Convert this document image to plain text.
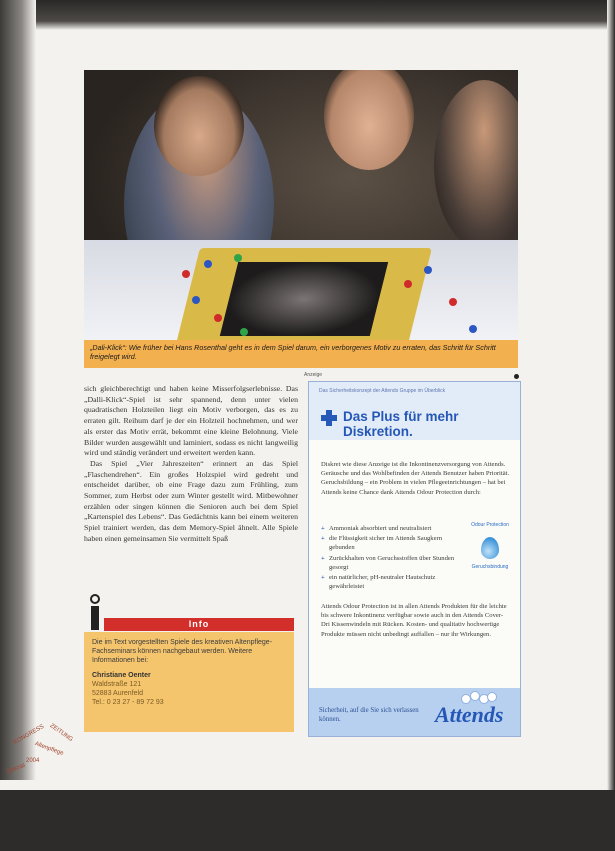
„Dali-Klick“: Wie früher bei Hans Rosenthal geht es in dem Spiel darum, ein verborgenes Motiv zu erraten, das Schritt für Schritt freigelegt wird.

sich gleichberechtigt und haben keine Misserfolgserlebnisse. Das „Dalli-Klick“-Spiel ist sehr spannend, denn unter vielen quadratischen Holzteilen liegt ein Motiv verborgen, das es zu erraten gilt. Reihum darf je der ein Holzteil hochnehmen, und wer als erster das Motiv errät, bekommt eine kleine Belohnung. Viele Bilder wurden ausgewählt und laminiert, sodass es nicht langweilig wird und ständig verändert und erweitert werden kann.

Das Spiel „Vier Jahreszeiten“ erinnert an das Spiel „Flaschendrehen“. Ein großes Holzspiel wird gedreht und entscheidet darüber, ob eine Frage dazu zum Frühling, zum Sommer, zum Herbst oder zum Winter gestellt wird. Mitbewohner erzählen oder singen können die Senioren auch bei dem Spiel „Kartenspiel des Lebens“. Das Gedächtnis kann bei einem weiteren Spiel trainiert werden, das dem Memory-Spiel ähnelt. Alle Spiele haben einen gemeinsamen Sie vermittelt Spaß

Info

Die im Text vorgestellten Spiele des kreativen Altenpflege-Fachseminars können nachgebaut werden. Weitere Informationen bei:

Christiane Oenter
Waldstraße 121
52883 Aurenfeld
Tel.: 0 23 27 - 89 72 93
Anzeige
Das Sicherheitskonzept der Attends Gruppe im Überblick
Das Plus für mehr Diskretion.
Diskret wie diese Anzeige ist die Inkontinenzversorgung von Attends. Geräusche und das Wohlbefinden der Attends Benutzer haben Priorität. Geruchsbildung – ein Problem in vielen Pflegeeinrichtungen – hat bei Attends keine Chance dank Attends Odour Protection durch:
+ Ammoniak absorbiert und neutralisiert
+ die Flüssigkeit sicher im Attends Saugkern gebunden
+ Zurückhalten von Geruchsstoffen über Stunden gesorgt
+ ein natürlicher, pH-neutraler Hautschutz gewährleistet
Odour Protection
Geruchsbindung
Attends Odour Protection ist in allen Attends Produkten für die leichte bis schwere Inkontinenz verfügbar sowie auch in den Attends Cover-Dri Kissenwindeln mit Rücken. Kosten- und qualitativ hochwertige Produkte müssen nicht unbedingt auffallen – nur ihr Wirkungen.
Sicherheit, auf die Sie sich verlassen können.	Attends
KONGRESS
Altenpflege
2004
ZEITUNG
Spezial
